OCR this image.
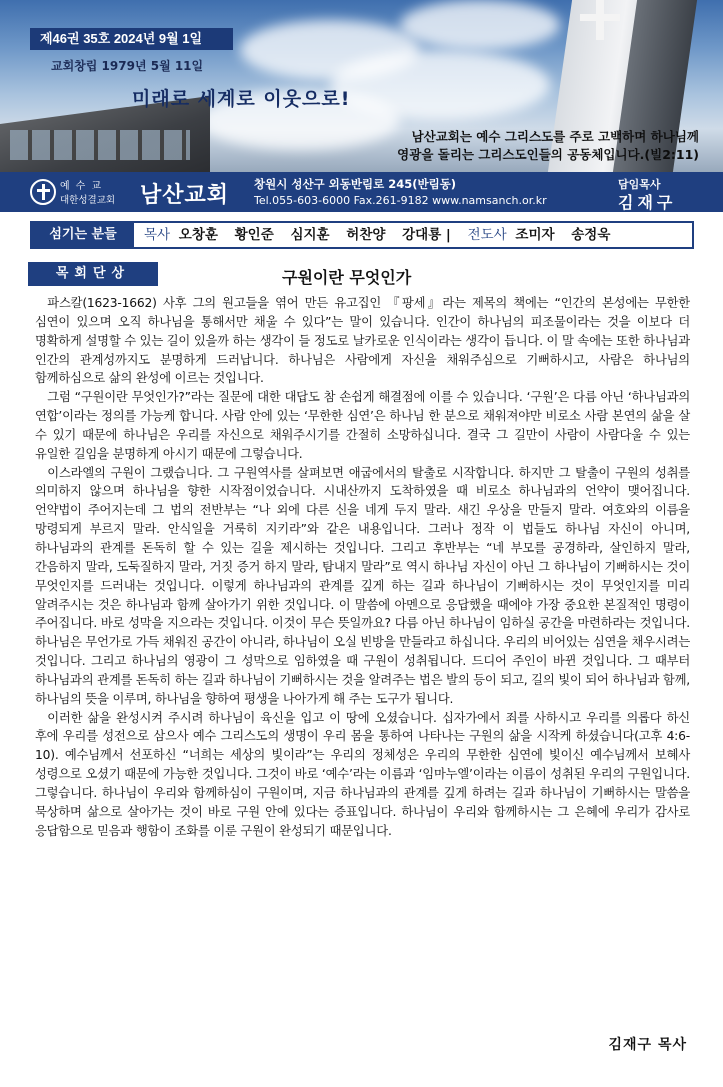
제46권 35호 2024년 9월 1일
교회창립 1979년 5월 11일
미래로 세계로 이웃으로!
남산교회는 예수 그리스도를 주로 고백하며 하나님께
영광을 돌리는 그리스도인들의 공동체입니다.(빌2:11)
예수교
대한성결교회 남산교회 창원시 성산구 외동반림로 245(반림동)
Tel.055-603-6000 Fax.261-9182 www.namsanch.or.kr
담임목사
김재구
섬기는 분들	목사 오창훈 황인준 심지훈 허찬양 강대룡 | 전도사 조미자 송정욱
목회단상	구원이란 무엇인가

파스칼(1623-1662) 사후 그의 원고들을 엮어 만든 유고집인 『팡세』라는 제목의 책에는 “인간의 본성에는 무한한 심연이 있으며 오직 하나님을 통해서만 채울 수 있다”는 말이 있습니다. 인간이 하나님의 피조물이라는 것을 이보다 더 명확하게 설명할 수 있는 길이 있을까 하는 생각이 들 정도로 날카로운 인식이라는 생각이 듭니다. 이 말 속에는 또한 하나님과 인간의 관계성까지도 분명하게 드러납니다. 하나님은 사람에게 자신을 채워주심으로 기뻐하시고, 사람은 하나님의 함께하심으로 삶의 완성에 이르는 것입니다.

그럼 “구원이란 무엇인가?”라는 질문에 대한 대답도 참 손쉽게 해결점에 이를 수 있습니다. ‘구원’은 다름 아닌 ‘하나님과의 연합’이라는 정의를 가능케 합니다. 사람 안에 있는 ‘무한한 심연’은 하나님 한 분으로 채워져야만 비로소 사람 본연의 삶을 살 수 있기 때문에 하나님은 우리를 자신으로 채워주시기를 간절히 소망하십니다. 결국 그 길만이 사람이 사람다울 수 있는 유일한 길임을 분명하게 아시기 때문에 그렇습니다.

이스라엘의 구원이 그랬습니다. 그 구원역사를 살펴보면 애굽에서의 탈출로 시작합니다. 하지만 그 탈출이 구원의 성취를 의미하지 않으며 하나님을 향한 시작점이었습니다. 시내산까지 도착하였을 때 비로소 하나님과의 언약이 맺어집니다. 언약법이 주어지는데 그 법의 전반부는 “나 외에 다른 신을 네게 두지 말라. 새긴 우상을 만들지 말라. 여호와의 이름을 망령되게 부르지 말라. 안식일을 거룩히 지키라”와 같은 내용입니다. 그러나 정작 이 법들도 하나님 자신이 아니며, 하나님과의 관계를 돈독히 할 수 있는 길을 제시하는 것입니다. 그리고 후반부는 “네 부모를 공경하라, 살인하지 말라, 간음하지 말라, 도둑질하지 말라, 거짓 증거 하지 말라, 탐내지 말라”로 역시 하나님 자신이 아닌 그 하나님이 기뻐하시는 것이 무엇인지를 드러내는 것입니다. 이렇게 하나님과의 관계를 깊게 하는 길과 하나님이 기뻐하시는 것이 무엇인지를 미리 알려주시는 것은 하나님과 함께 살아가기 위한 것입니다. 이 말씀에 아멘으로 응답했을 때에야 가장 중요한 본질적인 명령이 주어집니다. 바로 성막을 지으라는 것입니다. 이것이 무슨 뜻일까요? 다름 아닌 하나님이 임하실 공간을 마련하라는 것입니다. 하나님은 무언가로 가득 채워진 공간이 아니라, 하나님이 오실 빈방을 만들라고 하십니다. 우리의 비어있는 심연을 채우시려는 것입니다. 그리고 하나님의 영광이 그 성막으로 임하였을 때 구원이 성취됩니다. 드디어 주인이 바뀐 것입니다. 그 때부터 하나님과의 관계를 돈독히 하는 길과 하나님이 기뻐하시는 것을 알려주는 법은 발의 등이 되고, 길의 빛이 되어 하나님과 함께, 하나님의 뜻을 이루며, 하나님을 향하여 평생을 나아가게 해 주는 도구가 됩니다.

이러한 삶을 완성시켜 주시려 하나님이 육신을 입고 이 땅에 오셨습니다. 십자가에서 죄를 사하시고 우리를 의롭다 하신 후에 우리를 성전으로 삼으사 예수 그리스도의 생명이 우리 몸을 통하여 나타나는 구원의 삶을 시작케 하셨습니다(고후 4:6-10). 예수님께서 선포하신 “너희는 세상의 빛이라”는 우리의 정체성은 우리의 무한한 심연에 빛이신 예수님께서 보혜사 성령으로 오셨기 때문에 가능한 것입니다. 그것이 바로 ‘예수’라는 이름과 ‘임마누엘’이라는 이름이 성취된 우리의 구원입니다. 그렇습니다. 하나님이 우리와 함께하심이 구원이며, 지금 하나님과의 관계를 깊게 하려는 길과 하나님이 기뻐하시는 말씀을 묵상하며 삶으로 살아가는 것이 바로 구원 안에 있다는 증표입니다. 하나님이 우리와 함께하시는 그 은혜에 우리가 감사로 응답함으로 믿음과 행함이 조화를 이룬 구원이 완성되기 때문입니다.

김재구 목사
